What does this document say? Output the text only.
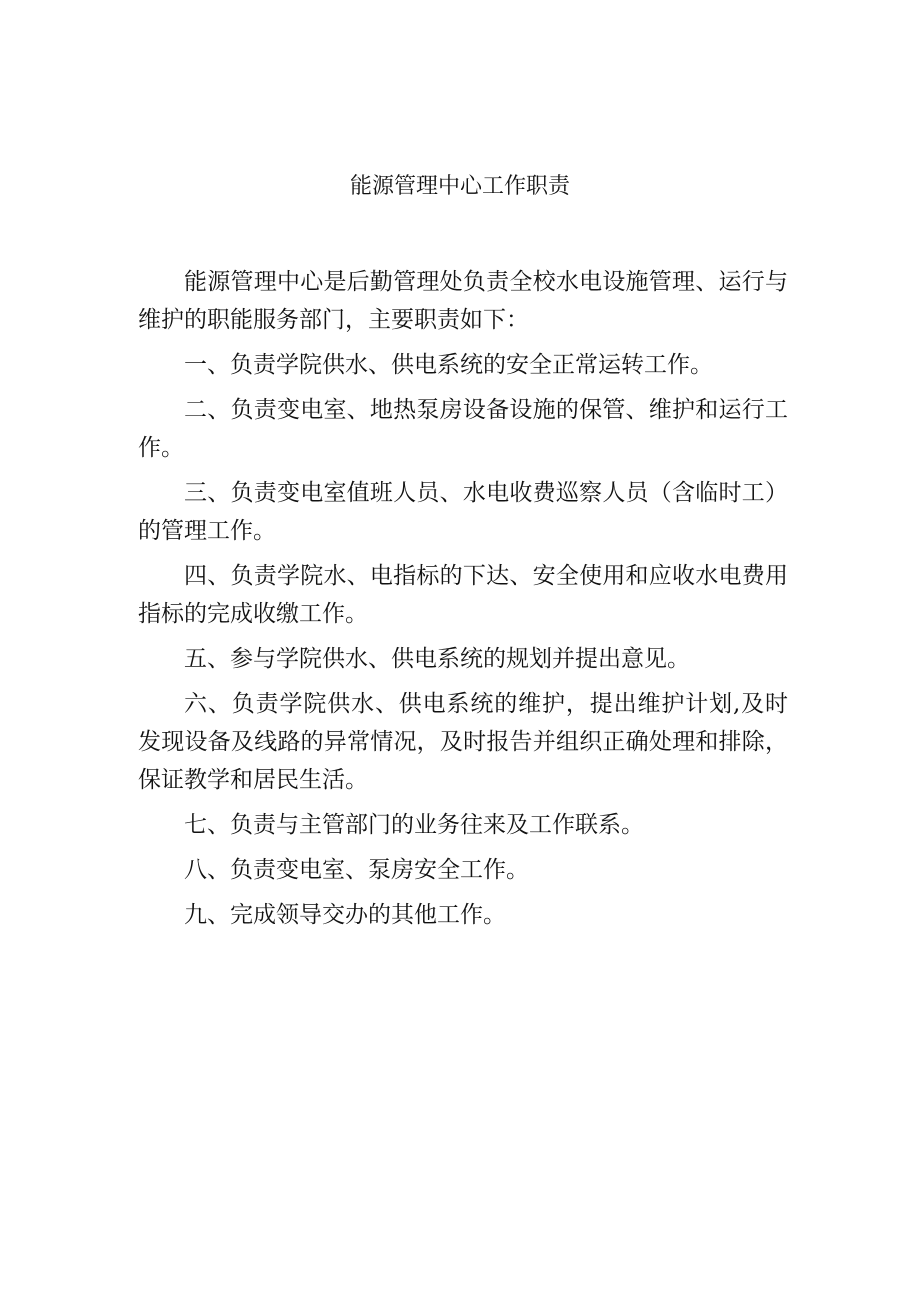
能源管理中心工作职责

能源管理中心是后勤管理处负责全校水电设施管理、运行与维护的职能服务部门，主要职责如下：

一、负责学院供水、供电系统的安全正常运转工作。

二、负责变电室、地热泵房设备设施的保管、维护和运行工作。

三、负责变电室值班人员、水电收费巡察人员（含临时工）的管理工作。

四、负责学院水、电指标的下达、安全使用和应收水电费用指标的完成收缴工作。

五、参与学院供水、供电系统的规划并提出意见。

六、负责学院供水、供电系统的维护，提出维护计划,及时发现设备及线路的异常情况，及时报告并组织正确处理和排除，保证教学和居民生活。

七、负责与主管部门的业务往来及工作联系。

八、负责变电室、泵房安全工作。

九、完成领导交办的其他工作。
